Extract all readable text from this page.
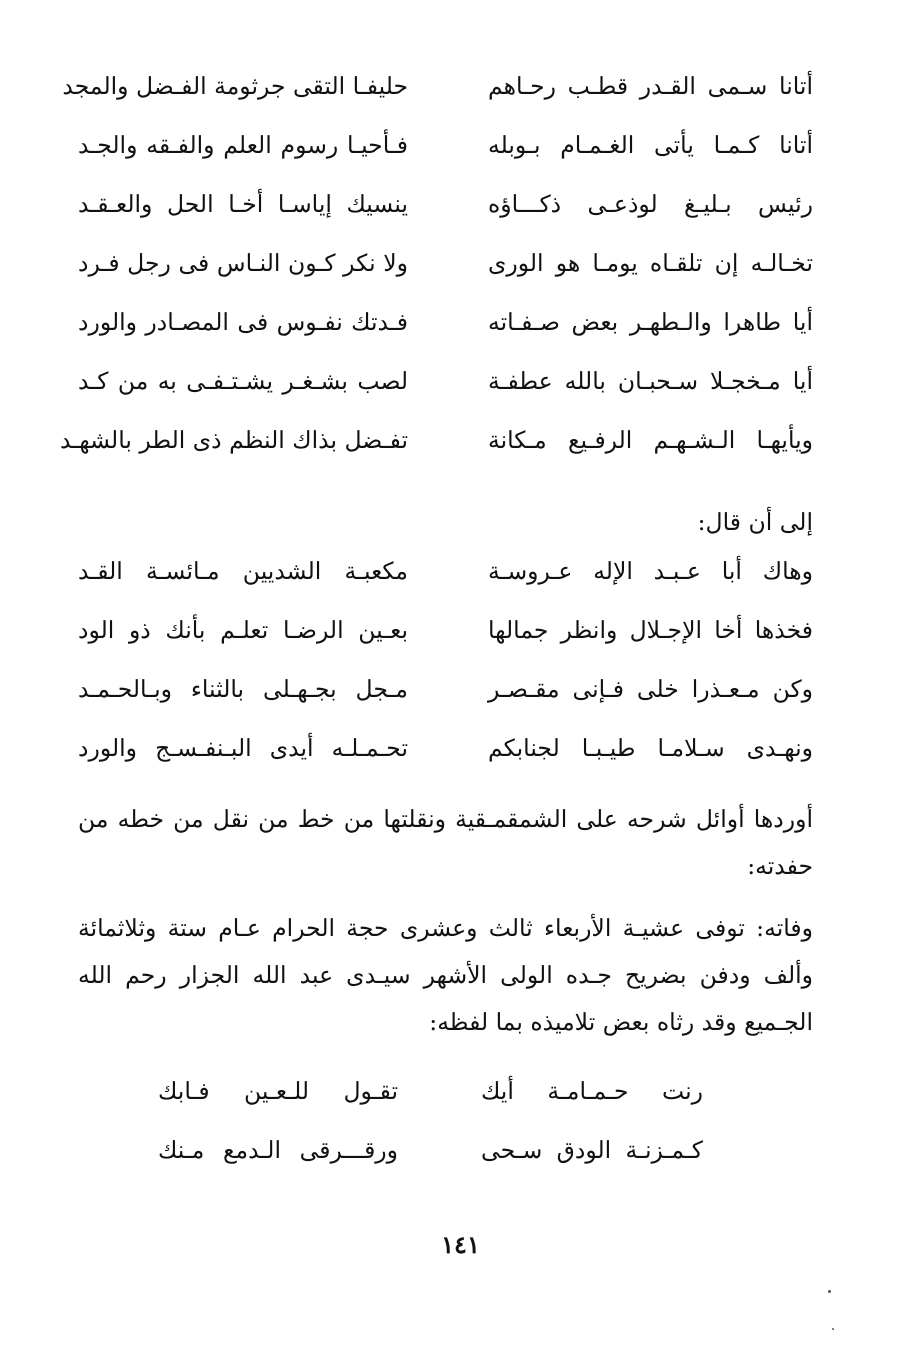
أتانا سـمى القـدر قطـب رحـاهم
حليفـا التقى جرثومة الفـضل والمجد
أتانا كـمـا يأتى الغـمـام بـوبله
فـأحيـا رسوم العلم والفـقه والجـد
رئيس بـليـغ لوذعـى ذكـــاؤه
ينسيك إياسـا أخـا الحل والعـقـد
تخـالـه إن تلقـاه يومـا هو الورى
ولا نكر كـون النـاس فى رجل فـرد
أيا طاهرا والـطهـر بعض صـفـاته
فـدتك نفـوس فى المصـادر والورد
أيا مـخجـلا سـحبـان بالله عطفـة
لصب بشـغـر يشـتـفـى به من كـد
ويأيهـا الـشـهـم الرفـيع مـكانة
تفـضل بذاك النظم ذى الطر بالشهـد
إلى أن قال:
وهاك أبا عـبـد الإله عـروسـة
مكعبـة الشديين مـائسـة القـد
فخذها أخا الإجـلال وانظر جمالها
بعـين الرضـا تعلـم بأنك ذو الود
وكن مـعـذرا خلى فـإنى مقـصـر
مـجل بجـهـلى بالثناء وبـالحـمـد
ونهـدى سـلامـا طيـبـا لجنابكم
تحـمـلـه أيدى البـنفـسـج والورد

أوردها أوائل شرحه على الشمقمـقية ونقلتها من خط من نقل من خطه من حفدته:

وفاته: توفى عشيـة الأربعاء ثالث وعشرى حجة الحرام عـام ستة وثلاثمائة وألف ودفن بضريح جـده الولى الأشهر سيـدى عبد الله الجزار رحم الله الجـميع وقد رثاه بعض تلاميذه بما لفظه:

رنت حـمـامـة أيك
تقـول للـعـين فـابك
كـمـزنـة الودق سـحى
ورقـــرقى الـدمع مـنك
١٤١
